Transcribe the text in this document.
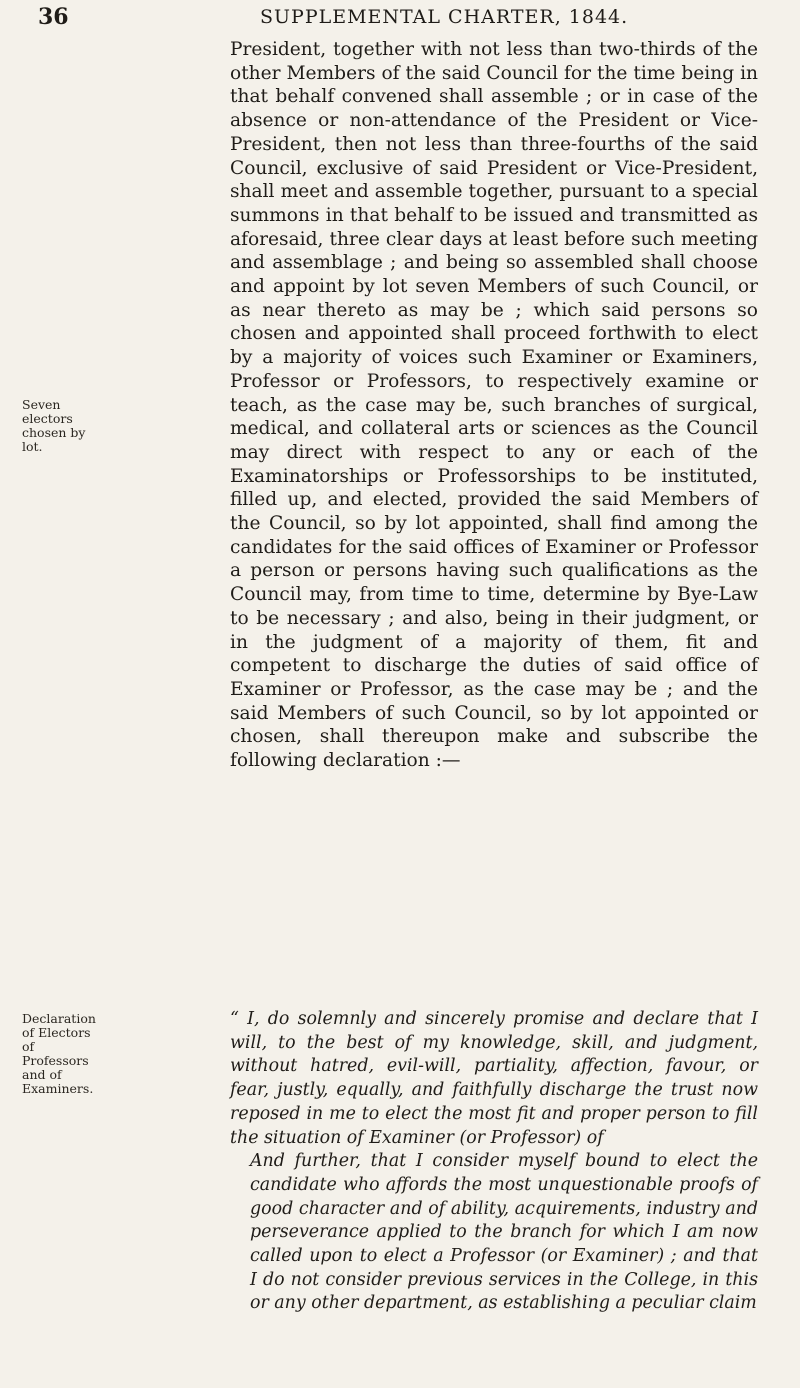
36	SUPPLEMENTAL CHARTER, 1844.
Seven electors chosen by lot.
Declaration of Electors of Professors and of Examiners.

President, together with not less than two-thirds of the other Members of the said Council for the time being in that behalf convened shall assemble ; or in case of the absence or non-attendance of the President or Vice-President, then not less than three-fourths of the said Council, exclusive of said President or Vice-President, shall meet and assemble together, pursuant to a special summons in that behalf to be issued and transmitted as aforesaid, three clear days at least before such meeting and assemblage ; and being so assembled shall choose and appoint by lot seven Members of such Council, or as near thereto as may be ; which said persons so chosen and appointed shall proceed forthwith to elect by a majority of voices such Examiner or Examiners, Professor or Professors, to respectively examine or teach, as the case may be, such branches of surgical, medical, and collateral arts or sciences as the Council may direct with respect to any or each of the Examinatorships or Professorships to be instituted, filled up, and elected, provided the said Members of the Council, so by lot appointed, shall find among the candidates for the said offices of Examiner or Professor a person or persons having such qualifications as the Council may, from time to time, determine by Bye-Law to be necessary ; and also, being in their judgment, or in the judgment of a majority of them, fit and competent to discharge the duties of said office of Examiner or Professor, as the case may be ; and the said Members of such Council, so by lot appointed or chosen, shall thereupon make and subscribe the following declaration :—

“ I, do solemnly and sincerely promise and declare that I will, to the best of my knowledge, skill, and judgment, without hatred, evil-will, partiality, affection, favour, or fear, justly, equally, and faithfully discharge the trust now reposed in me to elect the most fit and proper person to fill the situation of Examiner (or Professor) of

And further, that I consider myself bound to elect the candidate who affords the most unquestionable proofs of good character and of ability, acquirements, industry and perseverance applied to the branch for which I am now called upon to elect a Professor (or Examiner) ; and that I do not consider previous services in the College, in this or any other department, as establishing a peculiar claim
